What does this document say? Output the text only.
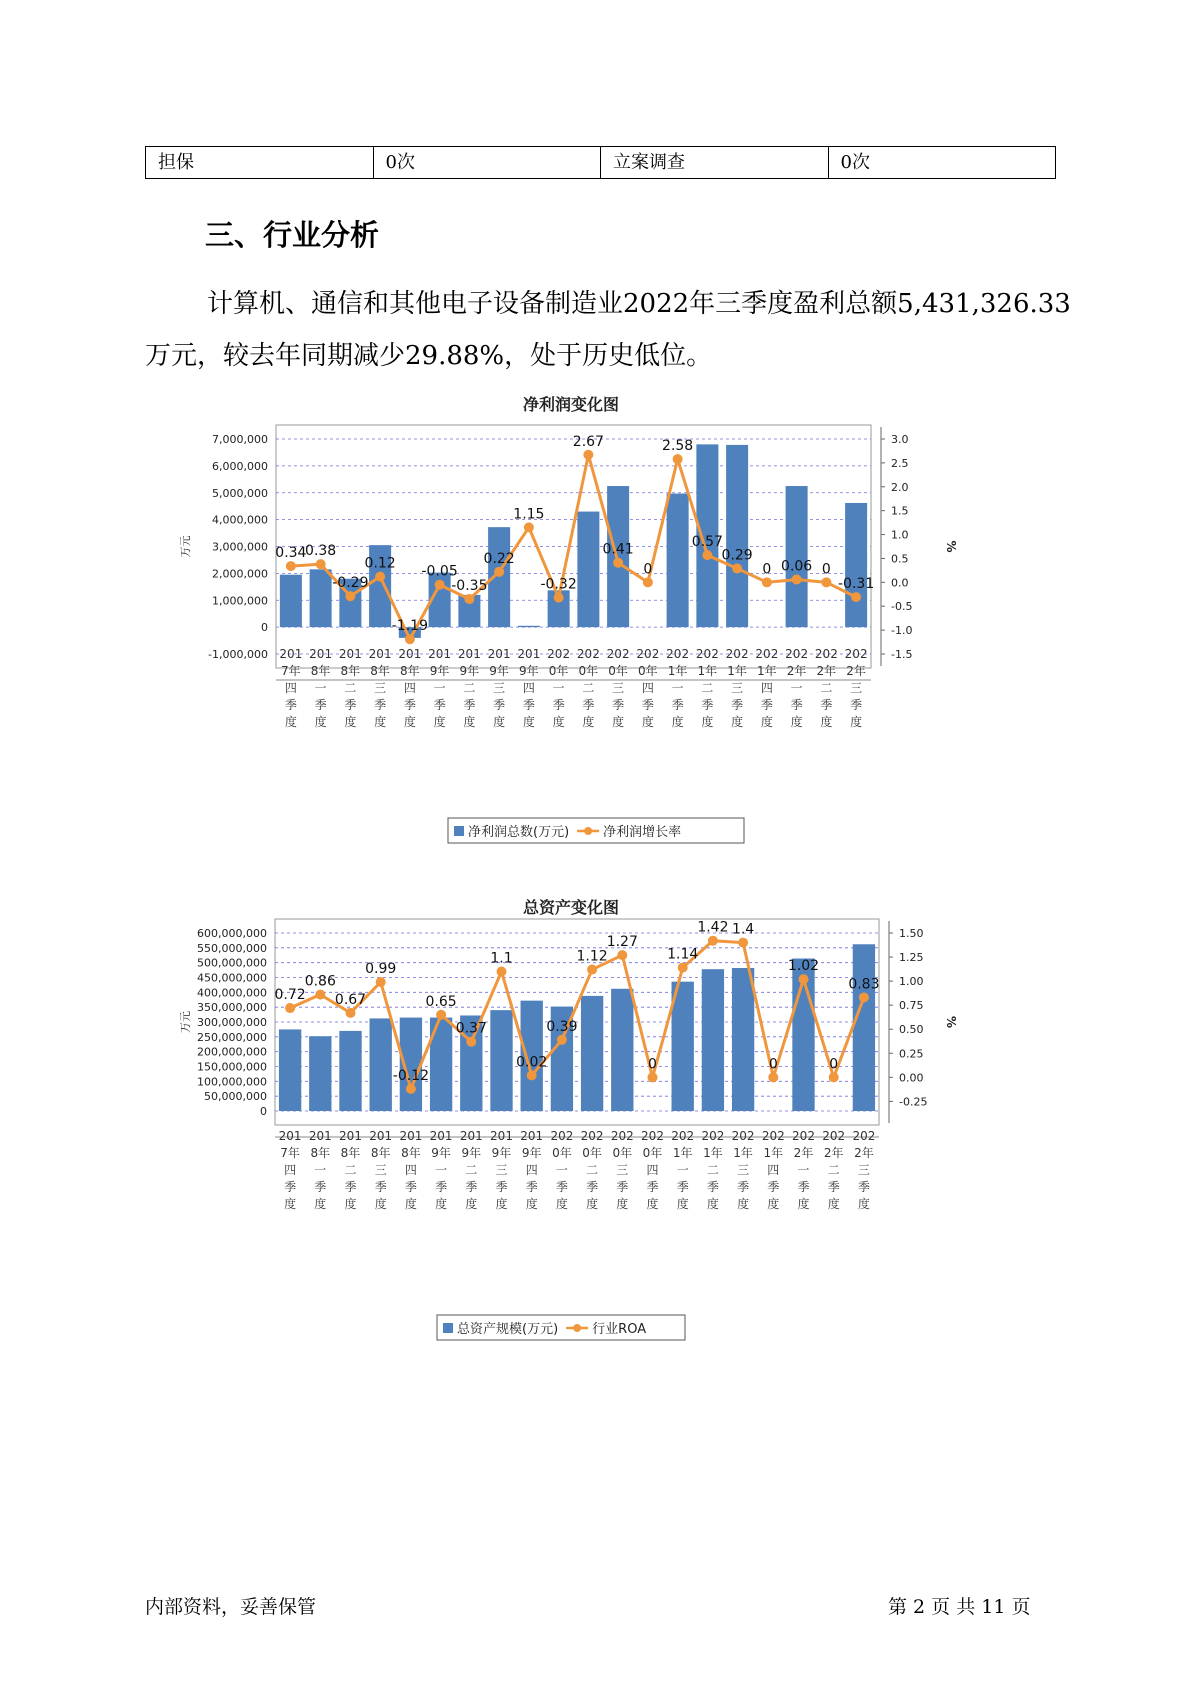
担保	0次	立案调查	0次
三、行业分析

计算机、通信和其他电子设备制造业2022年三季度盈利总额5,431,326.33万元，较去年同期减少29.88%，处于历史低位。

净利润变化图
-1,000,000
0
1,000,000
2,000,000
3,000,000
4,000,000
5,000,000
6,000,000
7,000,000
万元
-1.5
-1.0
-0.5
0.0
0.5
1.0
1.5
2.0
2.5
3.0
%
0.34
0.38
-0.29
0.12
-1.19
-0.05
-0.35
0.22
1.15
-0.32
2.67
0.41
0
2.58
0.57
0.29
0 0.06 0
-0.31
201
7年
四
季
度
201
8年
一
季
度
201
8年
二
季
度
201
8年
三
季
度
201
8年
四
季
度
201
9年
一
季
度
201
9年
二
季
度
201
9年
三
季
度
201
9年
四
季
度
202
0年
一
季
度
202
0年
二
季
度
202
0年
三
季
度
202
0年
四
季
度
202
1年
一
季
度
202
1年
二
季
度
202
1年
三
季
度
202
1年
四
季
度
202
2年
一
季
度
202
2年
二
季
度
202
2年
三
季
度
净利润总数(万元)	净利润增长率
总资产变化图
0
50,000,000
100,000,000
150,000,000
200,000,000
250,000,000
300,000,000
350,000,000
400,000,000
450,000,000
500,000,000
550,000,000
600,000,000
万元
-0.25
0.00
0.25
0.50
0.75
1.00
1.25
1.50
%
0.72
0.86
0.67
0.99
-0.12
0.65
0.37
1.1
0.02
0.39
1.12
1.27
0
1.14
1.42 1.4
0
1.02
0
0.83
201
7年
四
季
度
201
8年
一
季
度
201
8年
二
季
度
201
8年
三
季
度
201
8年
四
季
度
201
9年
一
季
度
201
9年
二
季
度
201
9年
三
季
度
201
9年
四
季
度
202
0年
一
季
度
202
0年
二
季
度
202
0年
三
季
度
202
0年
四
季
度
202
1年
一
季
度
202
1年
二
季
度
202
1年
三
季
度
202
1年
四
季
度
202
2年
一
季
度
202
2年
二
季
度
202
2年
三
季
度
总资产规模(万元)	行业ROA
内部资料，妥善保管	第 2 页 共 11 页
